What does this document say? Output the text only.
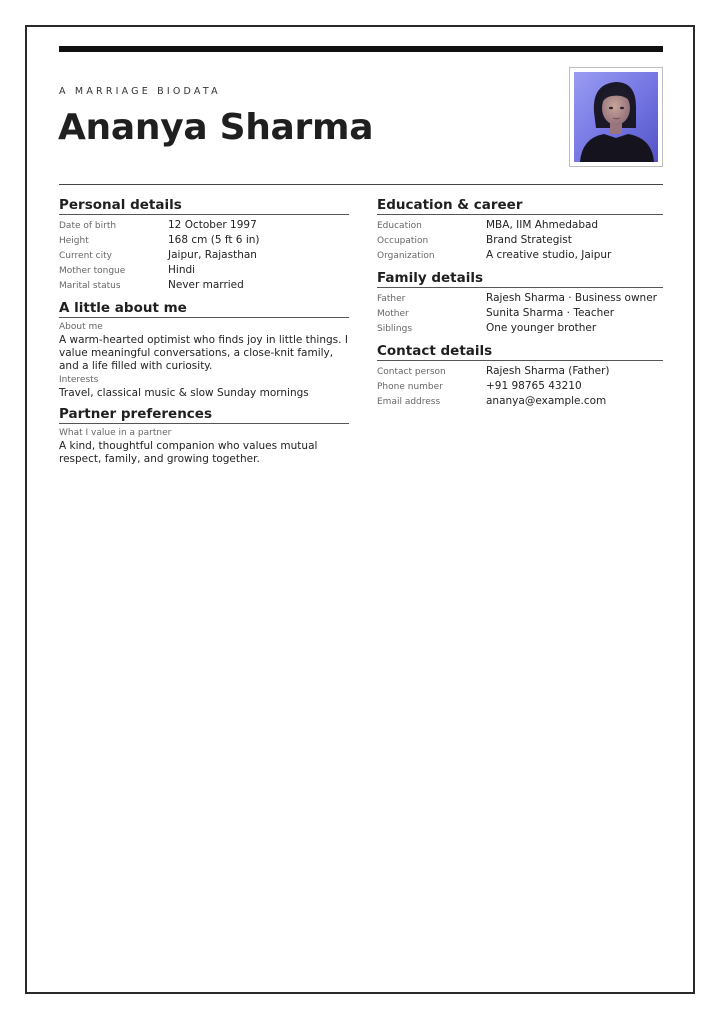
A MARRIAGE BIODATA
Ananya Sharma
Personal details
Date of birth	12 October 1997
Height	168 cm (5 ft 6 in)
Current city	Jaipur, Rajasthan
Mother tongue	Hindi
Marital status	Never married
A little about me
About me
A warm-hearted optimist who finds joy in little things. I value meaningful conversations, a close-knit family, and a life filled with curiosity.
Interests
Travel, classical music & slow Sunday mornings
Partner preferences
What I value in a partner
A kind, thoughtful companion who values mutual respect, family, and growing together.
Education & career
Education	MBA, IIM Ahmedabad
Occupation	Brand Strategist
Organization	A creative studio, Jaipur
Family details
Father	Rajesh Sharma · Business owner
Mother	Sunita Sharma · Teacher
Siblings	One younger brother
Contact details
Contact person	Rajesh Sharma (Father)
Phone number	+91 98765 43210
Email address	ananya@example.com
